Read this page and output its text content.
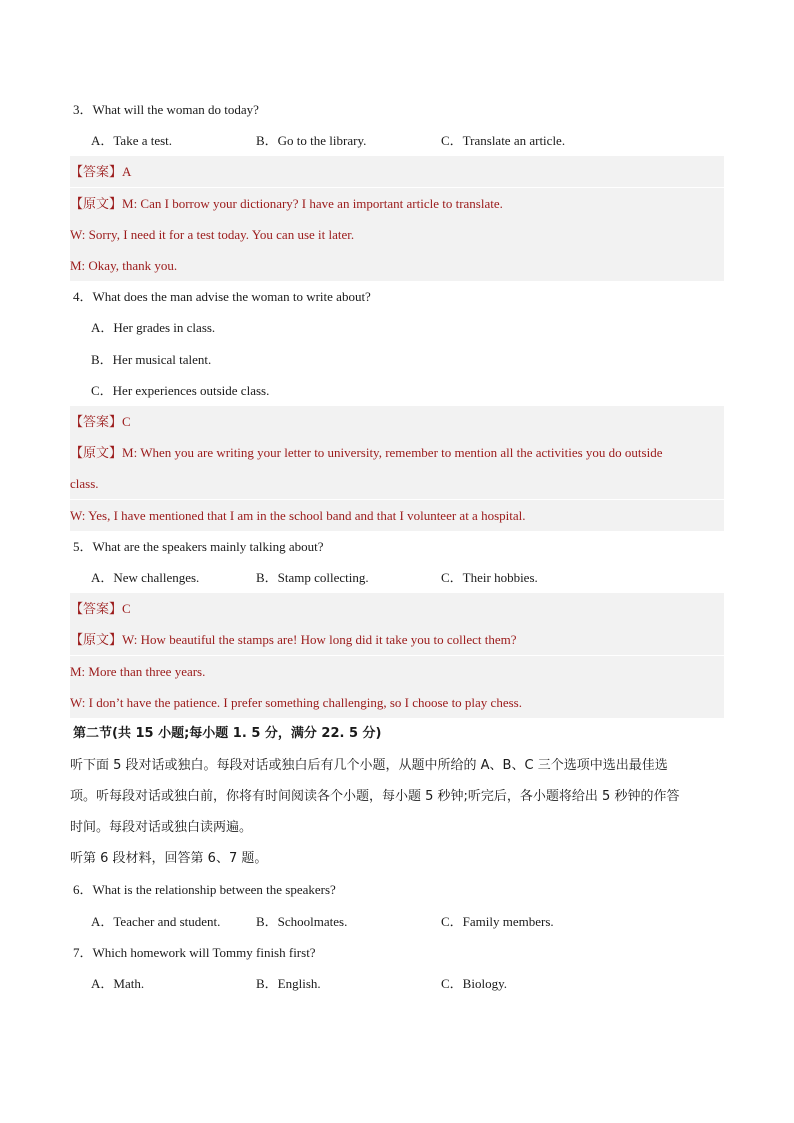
3．What will the woman do today?
A．Take a test.	B．Go to the library.	C．Translate an article.
【答案】A
【原文】M: Can I borrow your dictionary? I have an important article to translate.
W: Sorry, I need it for a test today. You can use it later.
M: Okay, thank you.
4．What does the man advise the woman to write about?
A．Her grades in class.
B．Her musical talent.
C．Her experiences outside class.
【答案】C
【原文】M: When you are writing your letter to university, remember to mention all the activities you do outside
class.
W: Yes, I have mentioned that I am in the school band and that I volunteer at a hospital.
5．What are the speakers mainly talking about?
A．New challenges.	B．Stamp collecting.	C．Their hobbies.
【答案】C
【原文】W: How beautiful the stamps are! How long did it take you to collect them?
M: More than three years.
W: I don’t have the patience. I prefer something challenging, so I choose to play chess.
第二节(共 15 小题;每小题 1. 5 分，满分 22. 5 分)
听下面 5 段对话或独白。每段对话或独白后有几个小题，从题中所给的 A、B、C 三个选项中选出最佳选
项。听每段对话或独白前，你将有时间阅读各个小题，每小题 5 秒钟;听完后，各小题将给出 5 秒钟的作答
时间。每段对话或独白读两遍。
听第 6 段材料，回答第 6、7 题。
6．What is the relationship between the speakers?
A．Teacher and student.	B．Schoolmates.	C．Family members.
7．Which homework will Tommy finish first?
A．Math.	B．English.	C．Biology.
